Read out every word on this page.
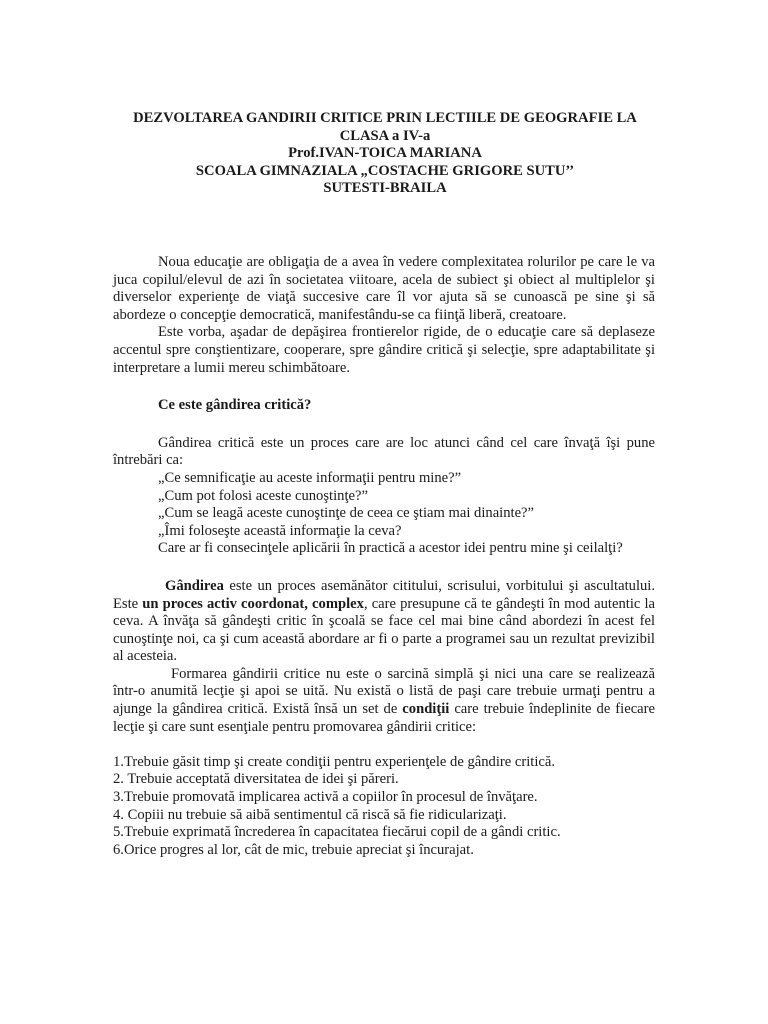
DEZVOLTAREA GANDIRII CRITICE PRIN LECTIILE DE GEOGRAFIE LA
CLASA a IV-a
Prof.IVAN-TOICA MARIANA
SCOALA GIMNAZIALA „COSTACHE GRIGORE SUTU’’
SUTESTI-BRAILA

Noua educaţie are obligaţia de a avea în vedere complexitatea rolurilor pe care le va juca copilul/elevul de azi în societatea viitoare, acela de subiect şi obiect al multiplelor şi diverselor experienţe de viaţă succesive care îl vor ajuta să se cunoască pe sine şi să abordeze o concepţie democratică, manifestându-se ca fiinţă liberă, creatoare.

Este vorba, aşadar de depăşirea frontierelor rigide, de o educaţie care să deplaseze accentul spre conştientizare, cooperare, spre gândire critică şi selecţie, spre adaptabilitate şi interpretare a lumii mereu schimbătoare.

Ce este gândirea critică?

Gândirea critică este un proces care are loc atunci când cel care învaţă îşi pune întrebări ca:

„Ce semnificaţie au aceste informaţii pentru mine?”

„Cum pot folosi aceste cunoştinţe?”

„Cum se leagă aceste cunoştinţe de ceea ce ştiam mai dinainte?”

„Îmi foloseşte această informaţie la ceva?

Care ar fi consecinţele aplicării în practică a acestor idei pentru mine şi ceilalţi?

Gândirea este un proces asemănător cititului, scrisului, vorbitului şi ascultatului. Este un proces activ coordonat, complex, care presupune că te gândeşti în mod autentic la ceva. A învăţa să gândeşti critic în şcoală se face cel mai bine când abordezi în acest fel cunoştinţe noi, ca şi cum această abordare ar fi o parte a programei sau un rezultat previzibil al acesteia.

Formarea gândirii critice nu este o sarcină simplă şi nici una care se realizează într-o anumită lecţie şi apoi se uită. Nu există o listă de paşi care trebuie urmaţi pentru a ajunge la gândirea critică. Există însă un set de condiţii care trebuie îndeplinite de fiecare lecţie şi care sunt esenţiale pentru promovarea gândirii critice:

1.Trebuie găsit timp şi create condiţii pentru experienţele de gândire critică.

2. Trebuie acceptată diversitatea de idei şi păreri.

3.Trebuie promovată implicarea activă a copiilor în procesul de învăţare.

4. Copiii nu trebuie să aibă sentimentul că riscă să fie ridicularizaţi.

5.Trebuie exprimată încrederea în capacitatea fiecărui copil de a gândi critic.

6.Orice progres al lor, cât de mic, trebuie apreciat şi încurajat.
